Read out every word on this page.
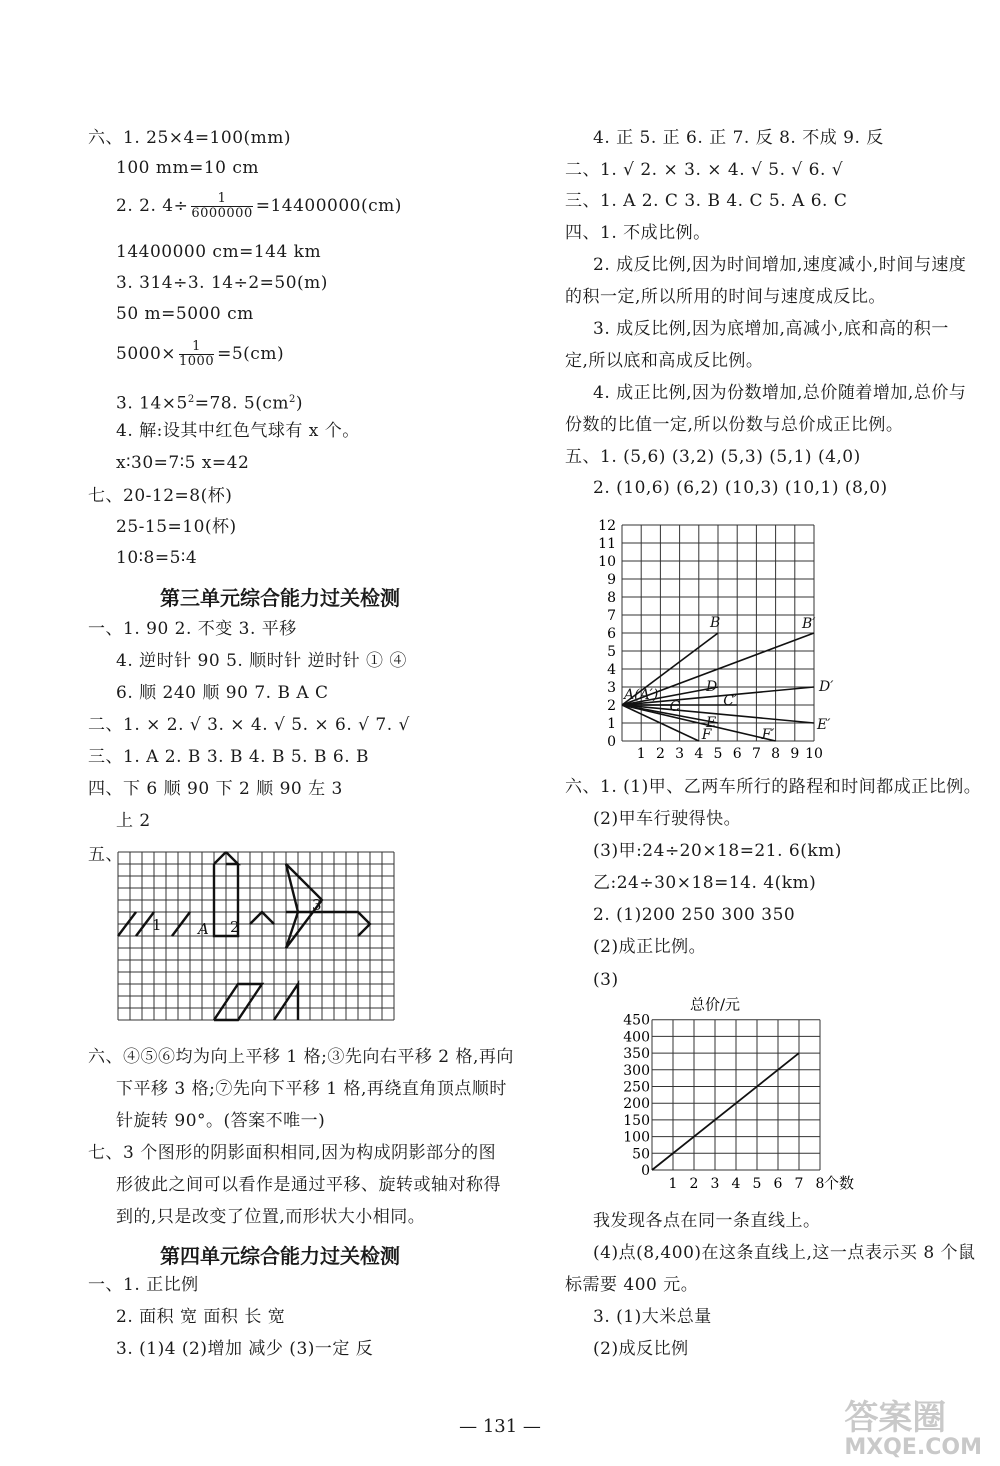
六、1. 25×4=100(mm)
100 mm=10 cm
2. 2. $4\div \frac{1}{6000000} =14400000(cm)$
14400000 cm=144 km
3. 314÷3. 14÷2=50(m)
50 m=5000 cm
$5000\times \frac{1}{1000} =5(cm)$
3. $14\times 5^2=78$. $5(cm^2)$
4. 解:设其中红色气球有 x 个。
x∶30=7∶5 x=42
七、20-12=8(杯)
25-15=10(杯)
10∶8=5∶4
第三单元综合能力过关检测
一、1. 90 2. 不变 3. 平移
4. 逆时针 90 5. 顺时针 逆时针 ① ④
6. 顺 240 顺 90 7. B A C
二、1. × 2. √ 3. × 4. √ 5. × 6. √ 7. √
三、1. A 2. B 3. B 4. B 5. B 6. B
四、下 6 顺 90 下 2 顺 90 左 3
上 2
五、
1 A 2
3
六、④⑤⑥均为向上平移 1 格;③先向右平移 2 格,再向
下平移 3 格;⑦先向下平移 1 格,再绕直角顶点顺时
针旋转 90°。(答案不唯一)
七、3 个图形的阴影面积相同,因为构成阴影部分的图
形彼此之间可以看作是通过平移、旋转或轴对称得
到的,只是改变了位置,而形状大小相同。
第四单元综合能力过关检测
一、1. 正比例
2. 面积 宽 面积 长 宽
3. (1)4 (2)增加 减少 (3)一定 反
4. 正 5. 正 6. 正 7. 反 8. 不成 9. 反
二、1. √ 2. × 3. × 4. √ 5. √ 6. √
三、1. A 2. C 3. B 4. C 5. A 6. C
四、1. 不成比例。
2. 成反比例,因为时间增加,速度减小,时间与速度
的积一定,所以所用的时间与速度成反比。
3. 成反比例,因为底增加,高减小,底和高的积一
定,所以底和高成反比例。
4. 成正比例,因为份数增加,总价随着增加,总价与
份数的比值一定,所以份数与总价成正比例。
五、1. (5,6) (3,2) (5,3) (5,1) (4,0)
2. (10,6) (6,2) (10,3) (10,1) (8,0)
0
1
2
3
4
5
6
7
8
9
10
11
12
1 2 3 4 5 6 7 8 9 10
A(A′)
B
C
D
E
F
B′
C′
D′
E′
F′
六、1. (1)甲、乙两车所行的路程和时间都成正比例。
(2)甲车行驶得快。
(3)甲:24÷20×18=21. 6(km)
乙:24÷30×18=14. 4(km)
2. (1)200 250 300 350
(2)成正比例。
(3)
0
50
100
150
200
250
300
350
400
450
1 2 3 4 5 6 7 8
总价/元
个数
我发现各点在同一条直线上。
(4)点(8,400)在这条直线上,这一点表示买 8 个鼠
标需要 400 元。
3. (1)大米总量
(2)成反比例
— 131 —	答案圈
MXQE.COM
